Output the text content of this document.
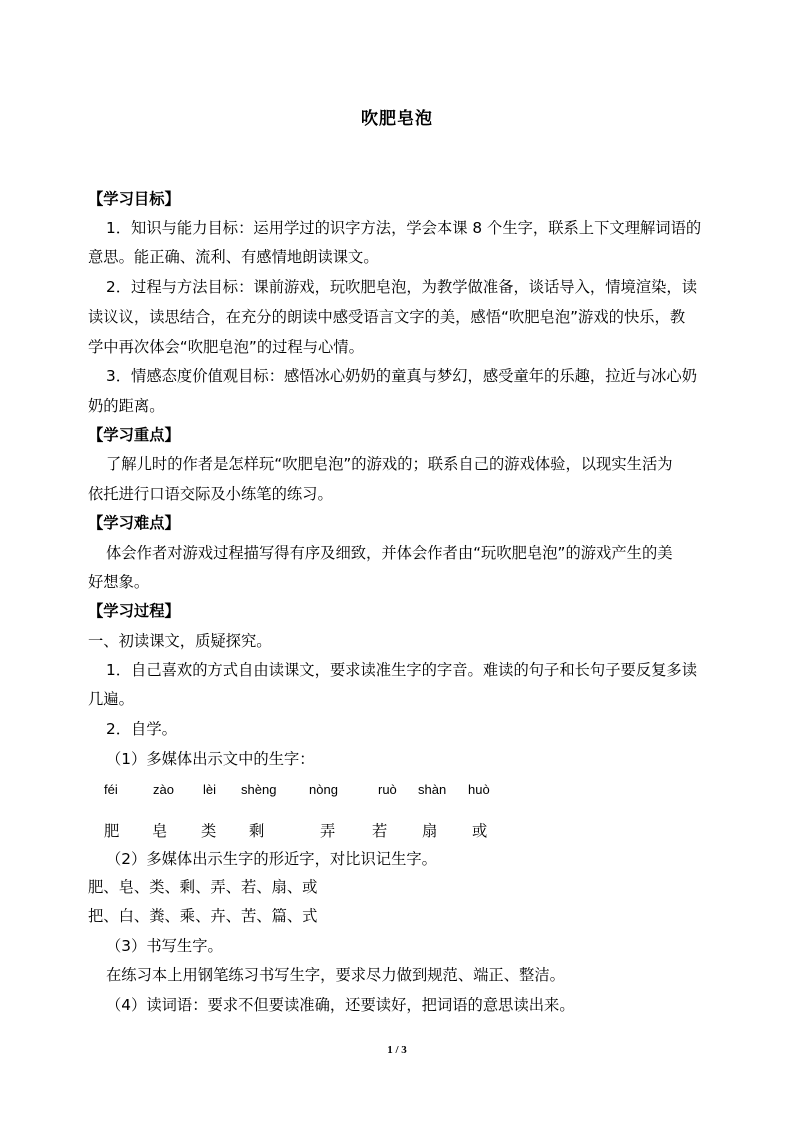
吹肥皂泡
【学习目标】
1．知识与能力目标：运用学过的识字方法，学会本课 8 个生字，联系上下文理解词语的
意思。能正确、流利、有感情地朗读课文。
2．过程与方法目标：课前游戏，玩吹肥皂泡，为教学做准备，谈话导入，情境渲染，读
读议议，读思结合，在充分的朗读中感受语言文字的美，感悟“吹肥皂泡”游戏的快乐，教
学中再次体会“吹肥皂泡”的过程与心情。
3．情感态度价值观目标：感悟冰心奶奶的童真与梦幻，感受童年的乐趣，拉近与冰心奶
奶的距离。
【学习重点】
了解儿时的作者是怎样玩“吹肥皂泡”的游戏的；联系自己的游戏体验，以现实生活为
依托进行口语交际及小练笔的练习。
【学习难点】
体会作者对游戏过程描写得有序及细致，并体会作者由“玩吹肥皂泡”的游戏产生的美
好想象。
【学习过程】
一、初读课文，质疑探究。
1．自己喜欢的方式自由读课文，要求读准生字的字音。难读的句子和长句子要反复多读
几遍。
2．自学。
（1）多媒体出示文中的生字：
féi	zào lèi shèng	nòng	ruò shàn huò
肥 皂 类 剩	弄 若 扇 或
（2）多媒体出示生字的形近字，对比识记生字。
肥、皂、类、剩、弄、若、扇、或
把、白、粪、乘、卉、苦、篇、式
（3）书写生字。
在练习本上用钢笔练习书写生字，要求尽力做到规范、端正、整洁。
（4）读词语：要求不但要读准确，还要读好，把词语的意思读出来。
1 / 3
